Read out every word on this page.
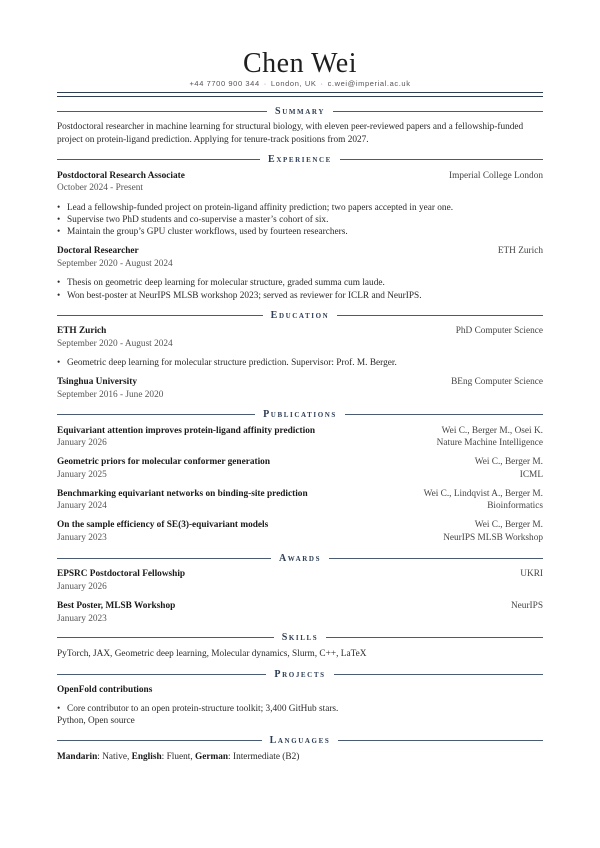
Chen Wei
+44 7700 900 344 · London, UK · c.wei@imperial.ac.uk
Summary
Postdoctoral researcher in machine learning for structural biology, with eleven peer-reviewed papers and a fellowship-funded
project on protein-ligand prediction. Applying for tenure-track positions from 2027.
Experience
Postdoctoral Research Associate	Imperial College London
October 2024 - Present
• Lead a fellowship-funded project on protein-ligand affinity prediction; two papers accepted in year one.
• Supervise two PhD students and co-supervise a master’s cohort of six.
• Maintain the group’s GPU cluster workflows, used by fourteen researchers.
Doctoral Researcher	ETH Zurich
September 2020 - August 2024
• Thesis on geometric deep learning for molecular structure, graded summa cum laude.
• Won best-poster at NeurIPS MLSB workshop 2023; served as reviewer for ICLR and NeurIPS.
Education
ETH Zurich	PhD Computer Science
September 2020 - August 2024
• Geometric deep learning for molecular structure prediction. Supervisor: Prof. M. Berger.
Tsinghua University	BEng Computer Science
September 2016 - June 2020
Publications
Equivariant attention improves protein-ligand affinity prediction	Wei C., Berger M., Osei K.
January 2026	Nature Machine Intelligence
Geometric priors for molecular conformer generation	Wei C., Berger M.
January 2025	ICML
Benchmarking equivariant networks on binding-site prediction	Wei C., Lindqvist A., Berger M.
January 2024	Bioinformatics
On the sample efficiency of SE(3)-equivariant models	Wei C., Berger M.
January 2023	NeurIPS MLSB Workshop
Awards
EPSRC Postdoctoral Fellowship	UKRI
January 2026
Best Poster, MLSB Workshop	NeurIPS
January 2023
Skills
PyTorch, JAX, Geometric deep learning, Molecular dynamics, Slurm, C++, LaTeX
Projects
OpenFold contributions
• Core contributor to an open protein-structure toolkit; 3,400 GitHub stars.
Python, Open source
Languages
Mandarin: Native, English: Fluent, German: Intermediate (B2)
